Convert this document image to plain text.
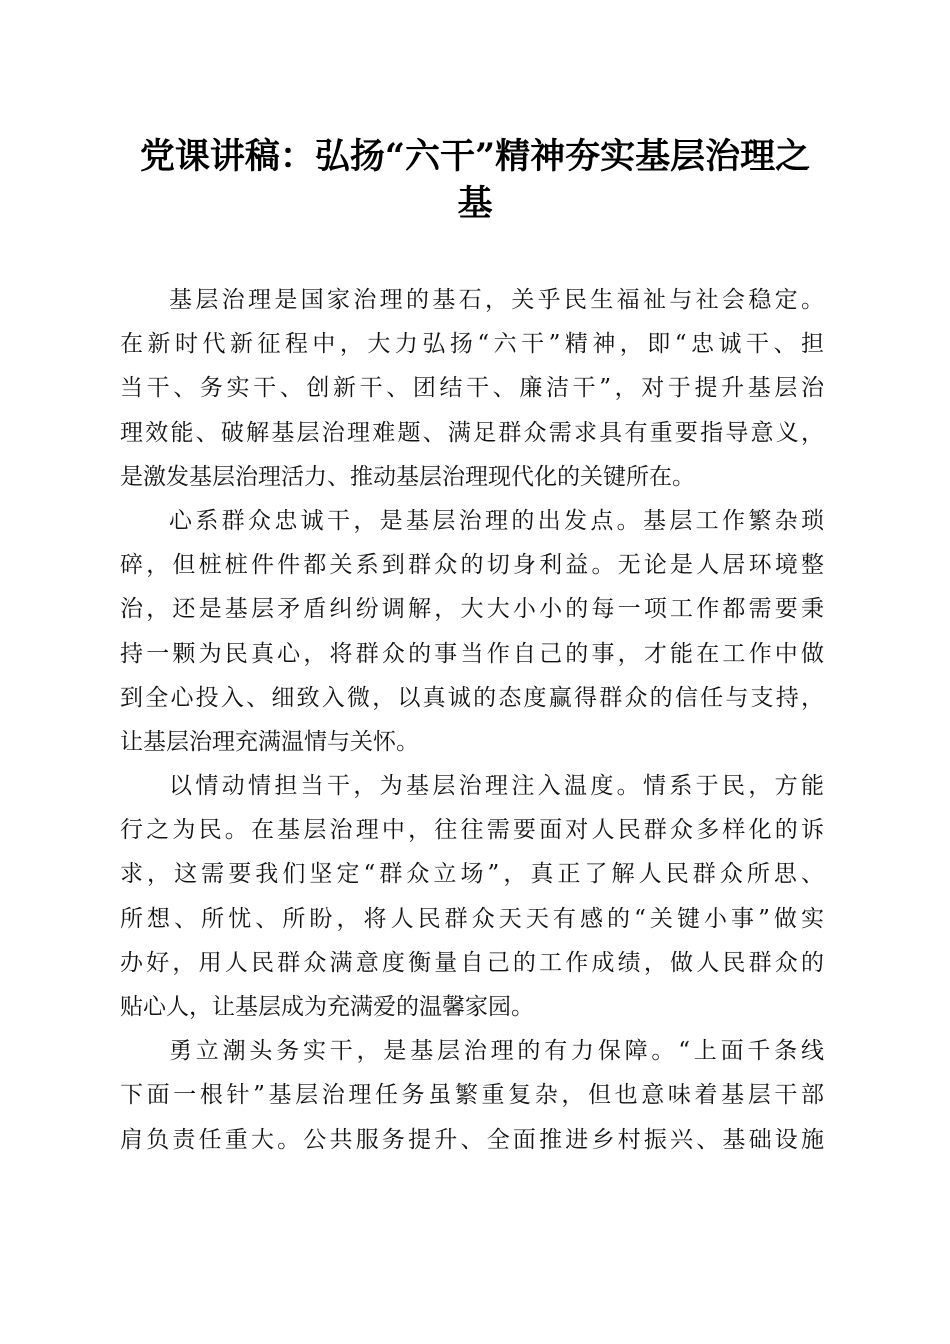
党课讲稿：弘扬“六干”精神夯实基层治理之
基
基层治理是国家治理的基石，关乎民生福祉与社会稳定。
在新时代新征程中，大力弘扬“六干”精神，即“忠诚干、担
当干、务实干、创新干、团结干、廉洁干”，对于提升基层治
理效能、破解基层治理难题、满足群众需求具有重要指导意义，
是激发基层治理活力、推动基层治理现代化的关键所在。
心系群众忠诚干，是基层治理的出发点。基层工作繁杂琐
碎，但桩桩件件都关系到群众的切身利益。无论是人居环境整
治，还是基层矛盾纠纷调解，大大小小的每一项工作都需要秉
持一颗为民真心，将群众的事当作自己的事，才能在工作中做
到全心投入、细致入微，以真诚的态度赢得群众的信任与支持，
让基层治理充满温情与关怀。
以情动情担当干，为基层治理注入温度。情系于民，方能
行之为民。在基层治理中，往往需要面对人民群众多样化的诉
求，这需要我们坚定“群众立场”，真正了解人民群众所思、
所想、所忧、所盼，将人民群众天天有感的“关键小事”做实
办好，用人民群众满意度衡量自己的工作成绩，做人民群众的
贴心人，让基层成为充满爱的温馨家园。
勇立潮头务实干，是基层治理的有力保障。“上面千条线
下面一根针”基层治理任务虽繁重复杂，但也意味着基层干部
肩负责任重大。公共服务提升、全面推进乡村振兴、基础设施
